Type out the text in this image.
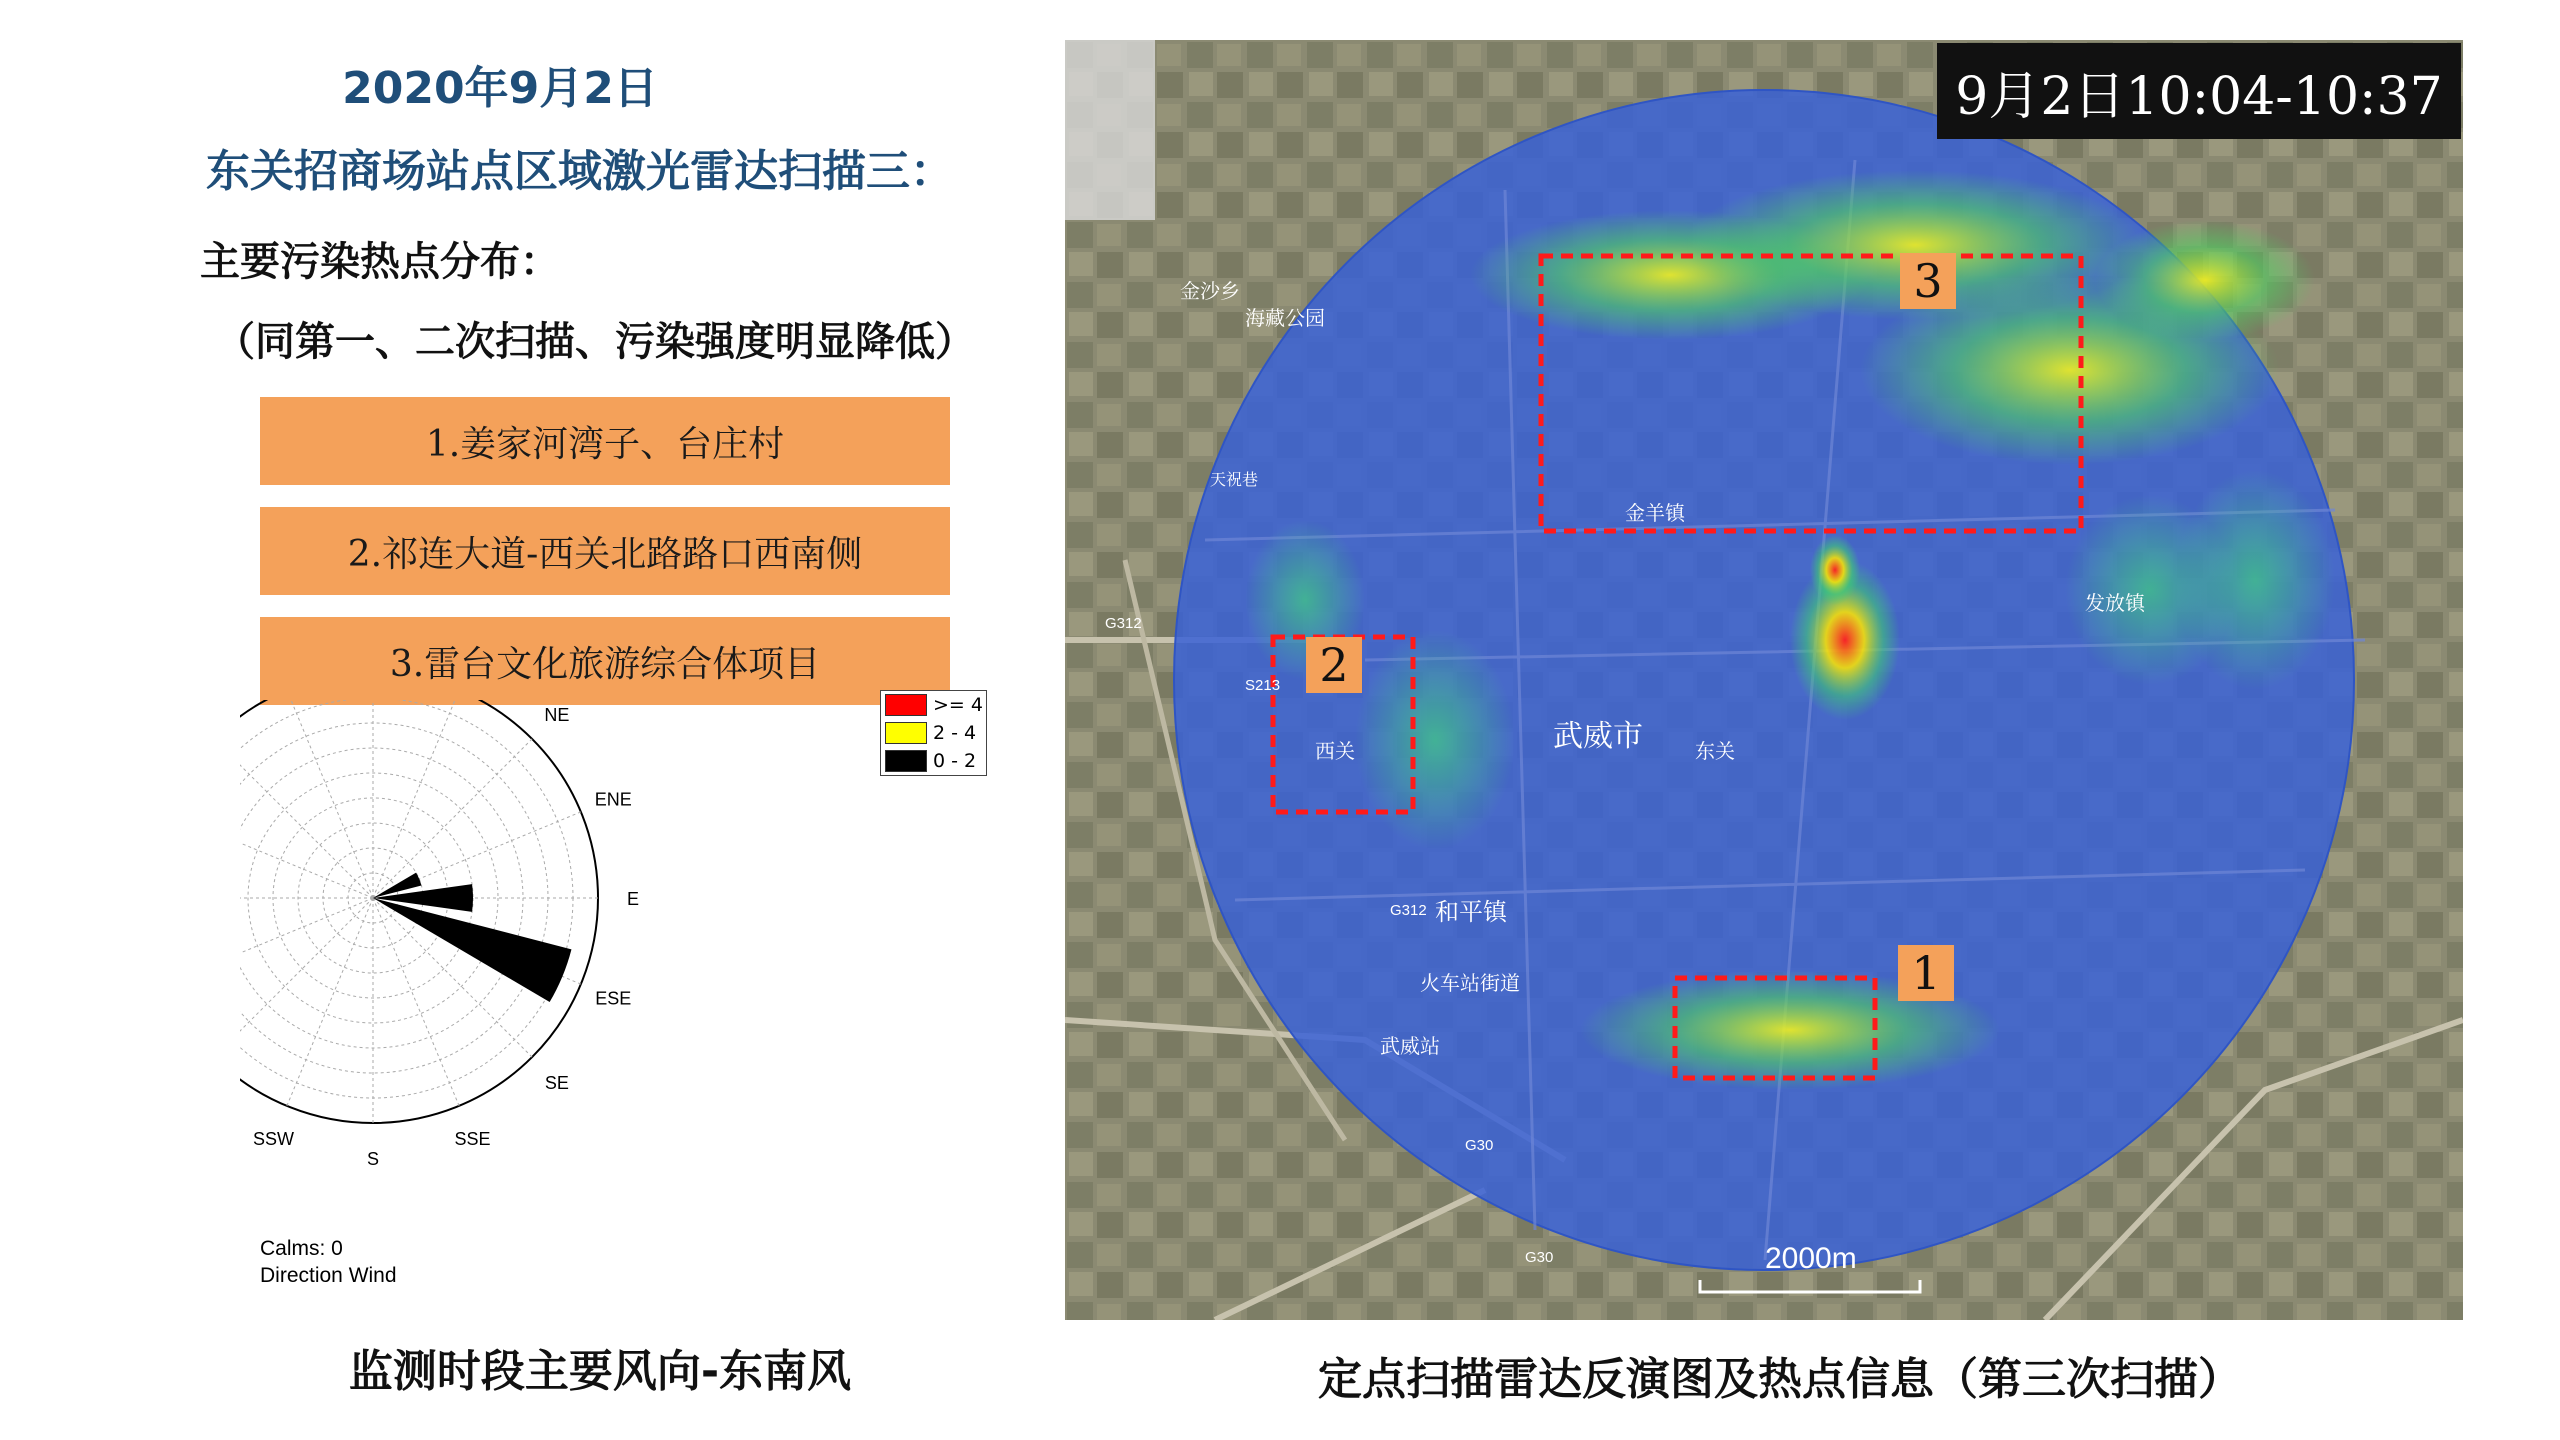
2020年9月2日
东关招商场站点区域激光雷达扫描三：
主要污染热点分布：
（同第一、二次扫描、污染强度明显降低）
1.姜家河湾子、台庄村
2.祁连大道-西关北路路口西南侧
3.雷台文化旅游综合体项目
NE
ENE
E
ESE
SE
SSE
S
SSW
Calms: 0
Direction Wind
>= 4
2 - 4
0 - 2
监测时段主要风向-东南风
金沙乡
海藏公园
天祝巷
G312
S213
西关	武威市	东关
发放镇
和平镇
火车站街道
武威站
G30
G312
金羊镇
G30	2000m
9月2日10:04-10:37
3
2
1
定点扫描雷达反演图及热点信息（第三次扫描）
